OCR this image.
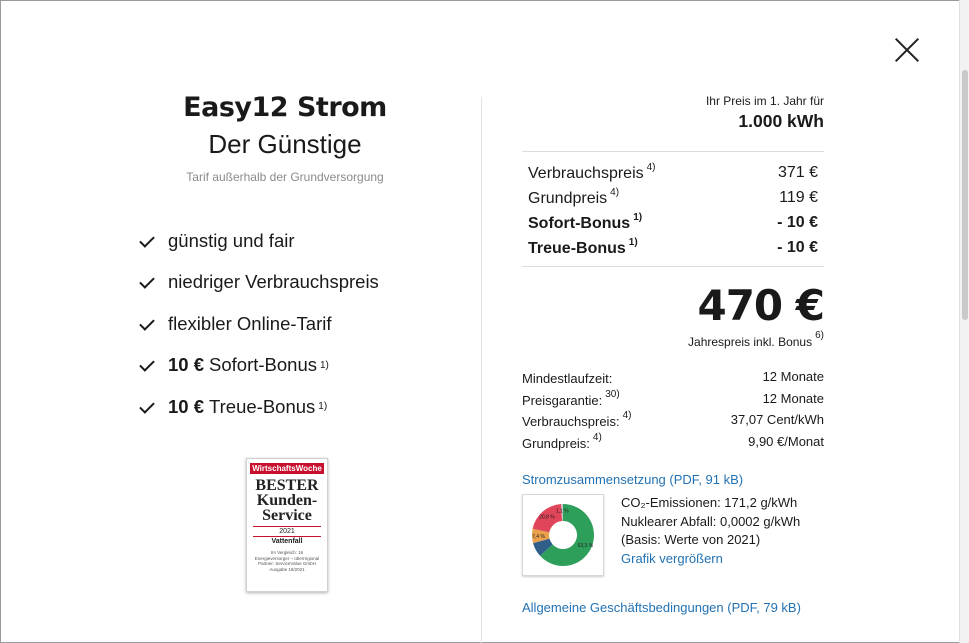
Easy12 Strom
Der Günstige
Tarif außerhalb der Grundversorgung
günstig und fair
niedriger Verbrauchspreis
flexibler Online-Tarif
10 € Sofort-Bonus 1)
10 € Treue-Bonus 1)
WirtschaftsWoche
BESTER
Kunden-
Service
2021
Vattenfall
Im Vergleich: 16 Energieversorger – überregional Partner: ServiceValue GmbH Ausgabe 18/2021
Ihr Preis im 1. Jahr für
1.000 kWh
Verbrauchspreis $^{4)}$	371 €
Grundpreis $^{4)}$	119 €
Sofort-Bonus $^{1)}$	- 10 €
Treue-Bonus $^{1)}$	- 10 €
470 €
Jahrespreis inkl. Bonus $^{6)}$
Mindestlaufzeit:	12 Monate
Preisgarantie: $^{30)}$	12 Monate
Verbrauchspreis: $^{4)}$	37,07 Cent/kWh
Grundpreis: $^{4)}$	9,90 €/Monat
Stromzusammensetzung (PDF, 91 kB)
63,3 %
7,4 %
20,8 %
1,1 %
CO₂-Emissionen: 171,2 g/kWh
Nuklearer Abfall: 0,0002 g/kWh
(Basis: Werte von 2021)
Grafik vergrößern
Allgemeine Geschäftsbedingungen (PDF, 79 kB)
